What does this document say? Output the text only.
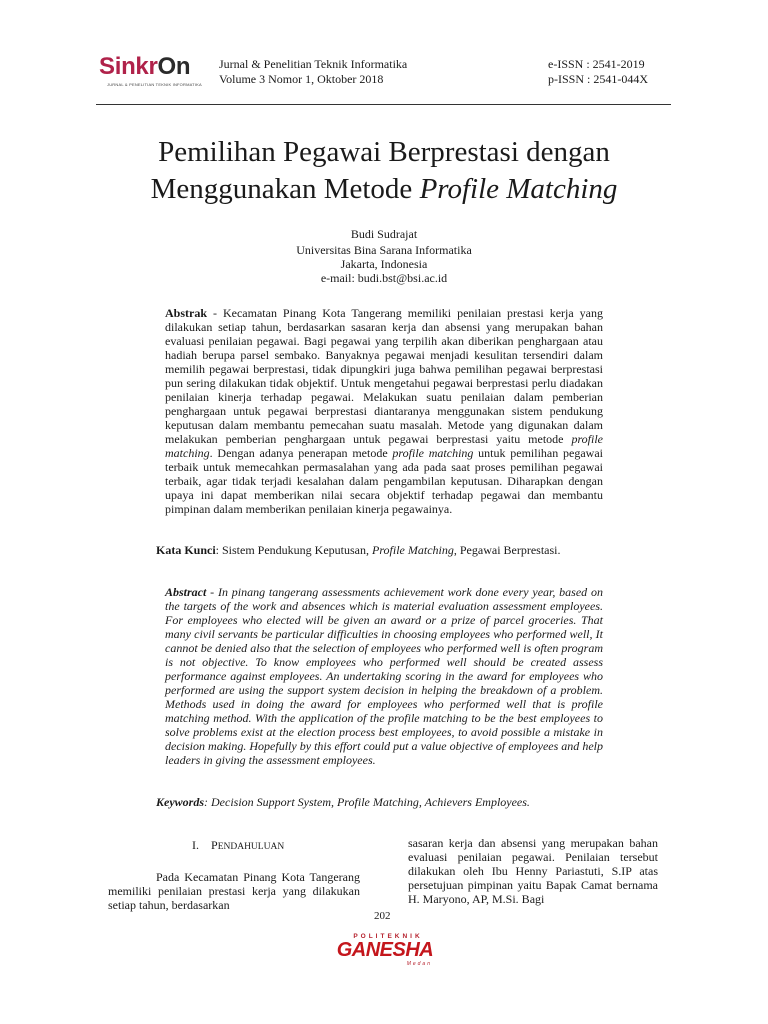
SinkrOn
JURNAL & PENELITIAN TEKNIK INFORMATIKA
Jurnal & Penelitian Teknik Informatika
Volume 3 Nomor 1, Oktober 2018
e-ISSN : 2541-2019
p-ISSN : 2541-044X
Pemilihan Pegawai Berprestasi dengan
Menggunakan Metode Profile Matching
Budi Sudrajat
Universitas Bina Sarana Informatika
Jakarta, Indonesia
e-mail: budi.bst@bsi.ac.id
Abstrak - Kecamatan Pinang Kota Tangerang memiliki penilaian prestasi kerja yang dilakukan setiap tahun, berdasarkan sasaran kerja dan absensi yang merupakan bahan evaluasi penilaian pegawai. Bagi pegawai yang terpilih akan diberikan penghargaan atau hadiah berupa parsel sembako. Banyaknya pegawai menjadi kesulitan tersendiri dalam memilih pegawai berprestasi, tidak dipungkiri juga bahwa pemilihan pegawai berprestasi pun sering dilakukan tidak objektif. Untuk mengetahui pegawai berprestasi perlu diadakan penilaian kinerja terhadap pegawai. Melakukan suatu penilaian dalam pemberian penghargaan untuk pegawai berprestasi diantaranya menggunakan sistem pendukung keputusan dalam membantu pemecahan suatu masalah. Metode yang digunakan dalam melakukan pemberian penghargaan untuk pegawai berprestasi yaitu metode profile matching. Dengan adanya penerapan metode profile matching untuk pemilihan pegawai terbaik untuk memecahkan permasalahan yang ada pada saat proses pemilihan pegawai terbaik, agar tidak terjadi kesalahan dalam pengambilan keputusan. Diharapkan dengan upaya ini dapat memberikan nilai secara objektif terhadap pegawai dan membantu pimpinan dalam memberikan penilaian kinerja pegawainya.
Kata Kunci: Sistem Pendukung Keputusan, Profile Matching, Pegawai Berprestasi.
Abstract - In pinang tangerang assessments achievement work done every year, based on the targets of the work and absences which is material evaluation assessment employees. For employees who elected will be given an award or a prize of parcel groceries. That many civil servants be particular difficulties in choosing employees who performed well, It cannot be denied also that the selection of employees who performed well is often program is not objective. To know employees who performed well should be created assess performance against employees. An undertaking scoring in the award for employees who performed are using the support system decision in helping the breakdown of a problem. Methods used in doing the award for employees who performed well that is profile matching method. With the application of the profile matching to be the best employees to solve problems exist at the election process best employees, to avoid possible a mistake in decision making. Hopefully by this effort could put a value objective of employees and help leaders in giving the assessment employees.
Keywords: Decision Support System, Profile Matching, Achievers Employees.
I. PENDAHULUAN
Pada Kecamatan Pinang Kota Tangerang memiliki penilaian prestasi kerja yang dilakukan setiap tahun, berdasarkan
sasaran kerja dan absensi yang merupakan bahan evaluasi penilaian pegawai. Penilaian tersebut dilakukan oleh Ibu Henny Pariastuti, S.IP atas persetujuan pimpinan yaitu Bapak Camat bernama H. Maryono, AP, M.Si. Bagi
202
POLITEKNIK
GANESHA
Medan
